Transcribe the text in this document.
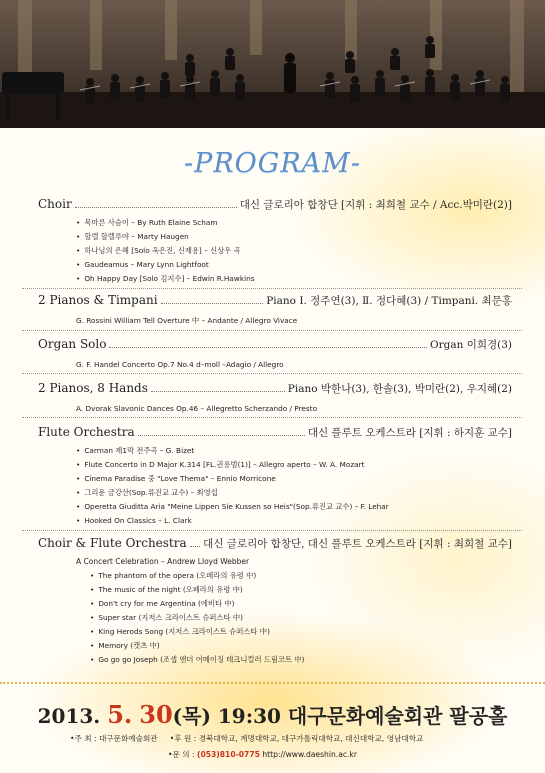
-PROGRAM-
Choir	대신 글로리아 합창단 [지휘 : 최희철 교수 / Acc.박미란(2)]
• 목마른 사슴이 – By Ruth Elaine Scham
• 할렐 할렐루야 – Marty Haugen
• 하나님의 은혜 [Solo 옥은진, 신재용] – 신상우 곡
• Gaudeamus – Mary Lynn Lightfoot
• Oh Happy Day [Solo 김지수] – Edwin R.Hawkins
2 Pianos & Timpani	Piano Ⅰ. 정주연(3), Ⅱ. 정다혜(3) / Timpani. 최문홍
G. Rossini William Tell Overture 中 – Andante / Allegro Vivace
Organ Solo	Organ 이희경(3)
G. F. Handel Concerto Op.7 No.4 d–moll –Adagio / Allegro
2 Pianos, 8 Hands	Piano 박한나(3), 한솔(3), 박미란(2), 우지혜(2)
A. Dvorak Slavonic Dances Op.46 – Allegretto Scherzando / Presto
Flute Orchestra	대신 플루트 오케스트라 [지휘 : 하지훈 교수]
• Carman 제1막 전주곡 – G. Bizet
• Flute Concerto in D Major K.314 [FL.권용범(1)] – Allegro aperto – W. A. Mozart
• Cinema Paradise 중 "Love Thema" – Ennio Morricone
• 그리운 금강산(Sop.류진교 교수) – 최영섭
• Operetta Giuditta Aria "Meine Lippen Sie Kussen so Heis"(Sop.류진교 교수) – F. Lehar
• Hooked On Classics – L. Clark
Choir & Flute Orchestra 대신 글로리아 합창단, 대신 플루트 오케스트라 [지휘 : 최희철 교수]
A Concert Celebration – Andrew Lloyd Webber
• The phantom of the opera (오페라의 유령 中)
• The music of the night (오페라의 유령 中)
• Don't cry for me Argentina (에비타 中)
• Super star (지저스 크라이스트 슈퍼스타 中)
• King Herods Song (지저스 크라이스트 슈퍼스타 中)
• Memory (캣츠 中)
• Go go go Joseph (조셉 앤더 어메이징 테크니컬러 드림코트 中)
2013. 5. 30(목) 19:30 대구문화예술회관 팔공홀
•주 최 : 대구문화예술회관 •후 원 : 경북대학교, 계명대학교, 대구가톨릭대학교, 대신대학교, 영남대학교
•문 의 : (053)810-0775 http://www.daeshin.ac.kr
